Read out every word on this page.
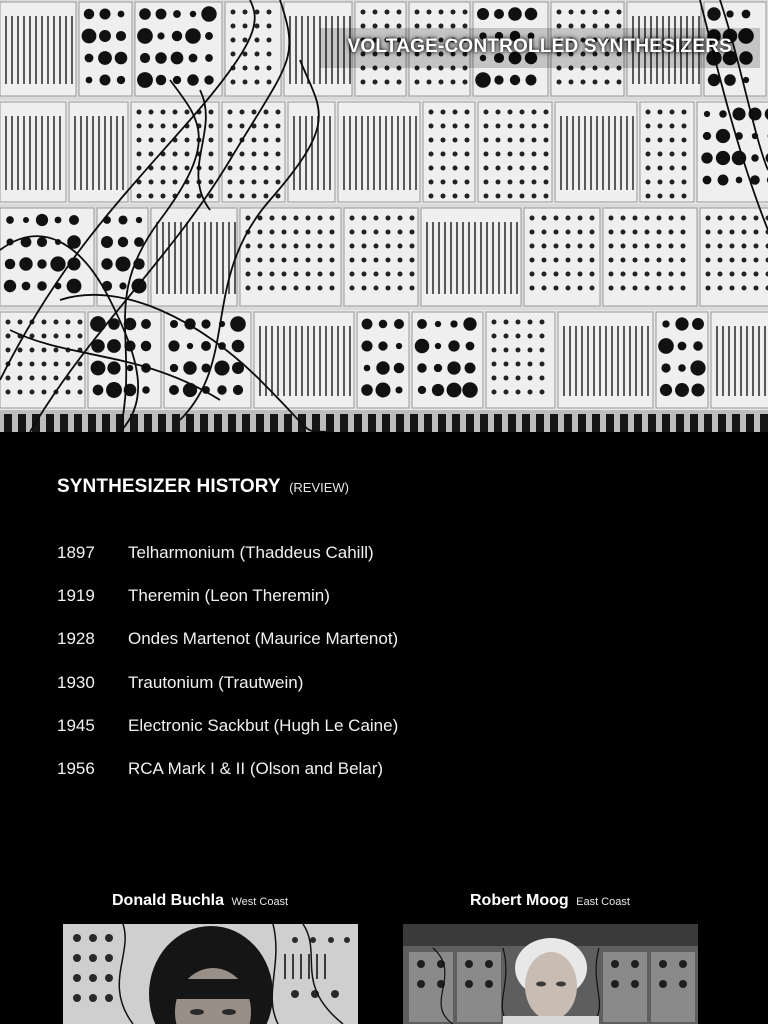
VOLTAGE-CONTROLLED SYNTHESIZERS
SYNTHESIZER HISTORY (REVIEW)
1897	Telharmonium (Thaddeus Cahill)
1919	Theremin (Leon Theremin)
1928	Ondes Martenot (Maurice Martenot)
1930	Trautonium (Trautwein)
1945	Electronic Sackbut (Hugh Le Caine)
1956	RCA Mark I & II (Olson and Belar)
Donald Buchla West Coast	Robert Moog East Coast
